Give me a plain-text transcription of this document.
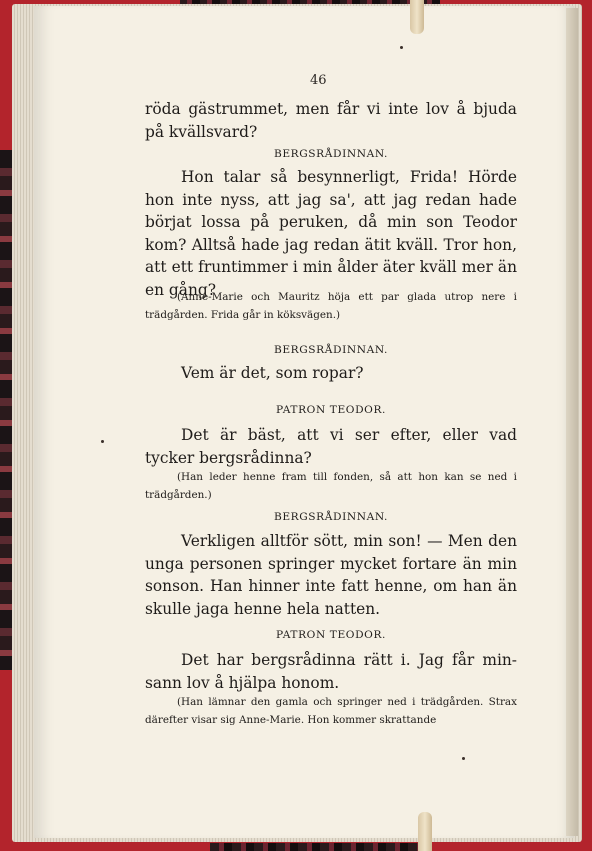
46

röda gästrummet, men får vi inte lov å bjuda på kvällsvard?

BERGSRÅDINNAN.

Hon talar så besynnerligt, Frida! Hörde hon inte nyss, att jag sa', att jag redan hade börjat lossa på peruken, då min son Teodor kom? Alltså hade jag redan ätit kväll. Tror hon, att ett fruntimmer i min ålder äter kväll mer än en gång?

(Anne-Marie och Mauritz höja ett par glada utrop nere i trädgården. Frida går in köksvägen.)

BERGSRÅDINNAN.

Vem är det, som ropar?

PATRON TEODOR.

Det är bäst, att vi ser efter, eller vad tycker bergsrådinna?

(Han leder henne fram till fonden, så att hon kan se ned i trädgården.)

BERGSRÅDINNAN.

Verkligen alltför sött, min son! — Men den unga personen springer mycket fortare än min sonson. Han hinner inte fatt henne, om han än skulle jaga henne hela natten.

PATRON TEODOR.

Det har bergsrådinna rätt i. Jag får min-sann lov å hjälpa honom.

(Han lämnar den gamla och springer ned i trädgården. Strax därefter visar sig Anne-Marie. Hon kommer skrattande
